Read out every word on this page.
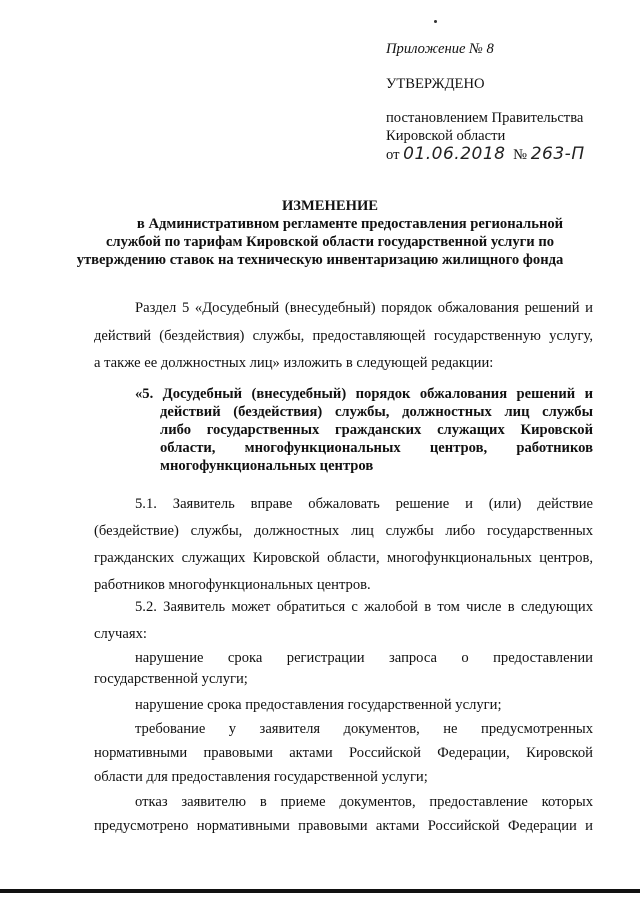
Приложение № 8
УТВЕРЖДЕНО
постановлением Правительства
Кировской области
от 01.06.2018 № 263-П
ИЗМЕНЕНИЕ
в Административном регламенте предоставления региональной
службой по тарифам Кировской области государственной услуги по
утверждению ставок на техническую инвентаризацию жилищного фонда
Раздел 5 «Досудебный (внесудебный) порядок обжалования решений и
действий (бездействия) службы, предоставляющей государственную услугу,
а также ее должностных лиц» изложить в следующей редакции:
«5. Досудебный (внесудебный) порядок обжалования решений и
действий (бездействия) службы, должностных лиц службы
либо государственных гражданских служащих Кировской
области, многофункциональных центров, работников
многофункциональных центров
5.1. Заявитель вправе обжаловать решение и (или) действие
(бездействие) службы, должностных лиц службы либо государственных
гражданских служащих Кировской области, многофункциональных центров,
работников многофункциональных центров.
5.2. Заявитель может обратиться с жалобой в том числе в следующих
случаях:
нарушение срока регистрации запроса о предоставлении
государственной услуги;
нарушение срока предоставления государственной услуги;
требование у заявителя документов, не предусмотренных
нормативными правовыми актами Российской Федерации, Кировской
области для предоставления государственной услуги;
отказ заявителю в приеме документов, предоставление которых
предусмотрено нормативными правовыми актами Российской Федерации и
